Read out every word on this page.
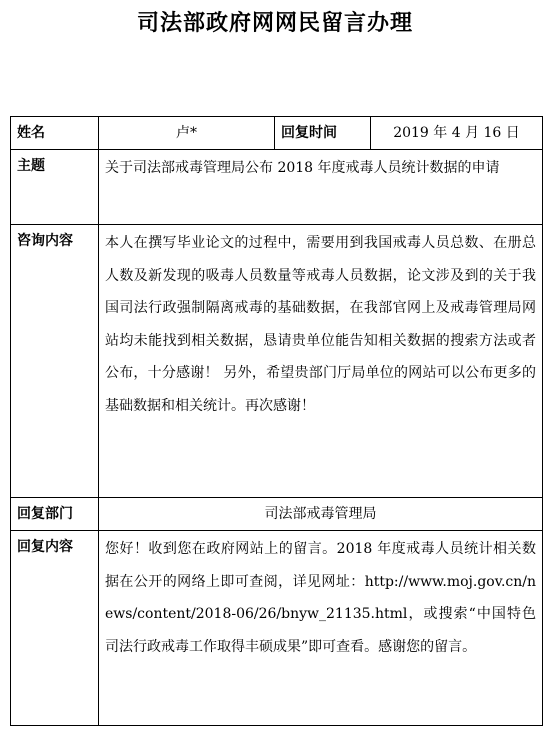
司法部政府网网民留言办理
姓名	卢*	回复时间	2019 年 4 月 16 日
主题	关于司法部戒毒管理局公布 2018 年度戒毒人员统计数据的申请		
咨询内容	本人在撰写毕业论文的过程中，需要用到我国戒毒人员总数、在册总人数及新发现的吸毒人员数量等戒毒人员数据，论文涉及到的关于我国司法行政强制隔离戒毒的基础数据，在我部官网上及戒毒管理局网站均未能找到相关数据，恳请贵单位能告知相关数据的搜索方法或者公布，十分感谢！ 另外，希望贵部门厅局单位的网站可以公布更多的基础数据和相关统计。再次感谢！		
回复部门	司法部戒毒管理局		
回复内容	您好！收到您在政府网站上的留言。2018 年度戒毒人员统计相关数据在公开的网络上即可查阅，详见网址：http://www.moj.gov.cn/news/content/2018-06/26/bnyw_21135.html，或搜索“中国特色司法行政戒毒工作取得丰硕成果”即可查看。感谢您的留言。		
